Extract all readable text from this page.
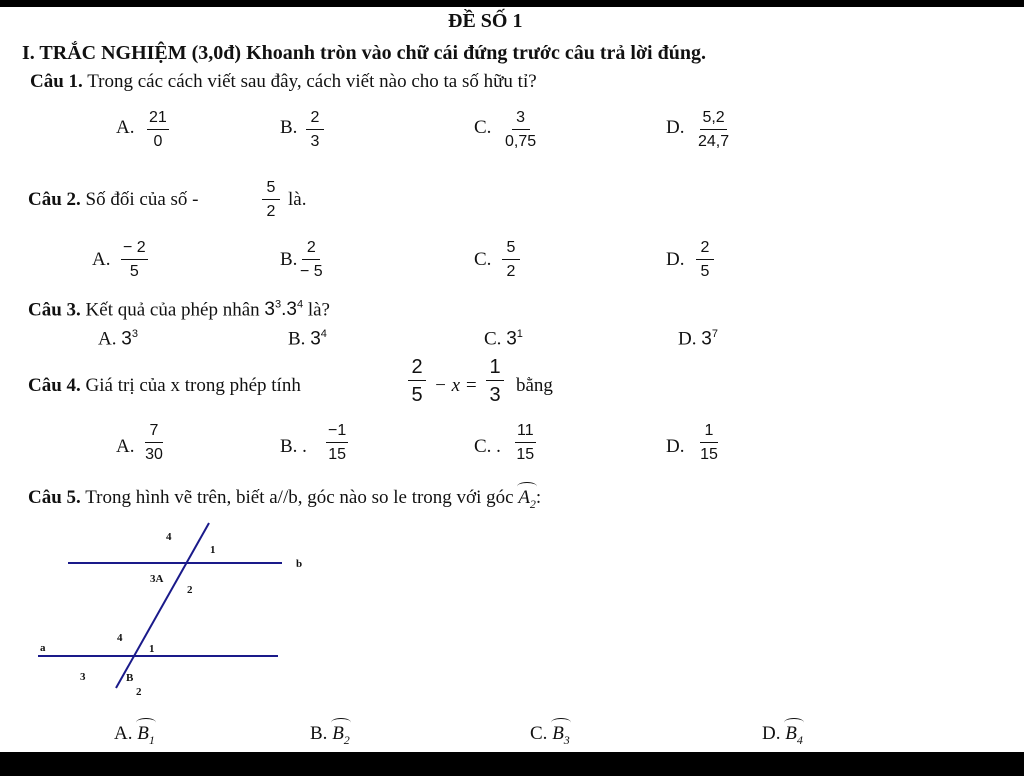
ĐỀ SỐ 1
I. TRẮC NGHIỆM (3,0đ) Khoanh tròn vào chữ cái đứng trước câu trả lời đúng.
Câu 1. Trong các cách viết sau đây, cách viết nào cho ta số hữu tỉ?
A. $\frac{21}{0}$	B. $\frac{2}{3}$	C. $\frac{3}{0,75}$	D. $\frac{5,2}{24,7}$
Câu 2. Số đối của số -	$\frac{5}{2}$ là.
A. $\frac{- 2}{5}$	B. $\frac{2}{- 5}$	C. $\frac{5}{2}$	D. $\frac{2}{5}$
Câu 3. Kết quả của phép nhân $3^3.3^4$ là?
A. $3^3$	B. $3^4$	C. $3^1$	D. $3^7$
Câu 4. Giá trị của x trong phép tính	$\frac{2}{5} - x = \frac{1}{3}$ bằng
A. $\frac{7}{30}$	B. . $\frac{-1}{15}$	C. . $\frac{11}{15}$	D. $\frac{1}{15}$
Câu 5. Trong hình vẽ trên, biết a//b, góc nào so le trong với góc $A_2$:
b
a
4
1
3A
2
4
1
3	B
2
A. $B_1$	B. $B_2$	C. $B_3$	D. $B_4$
